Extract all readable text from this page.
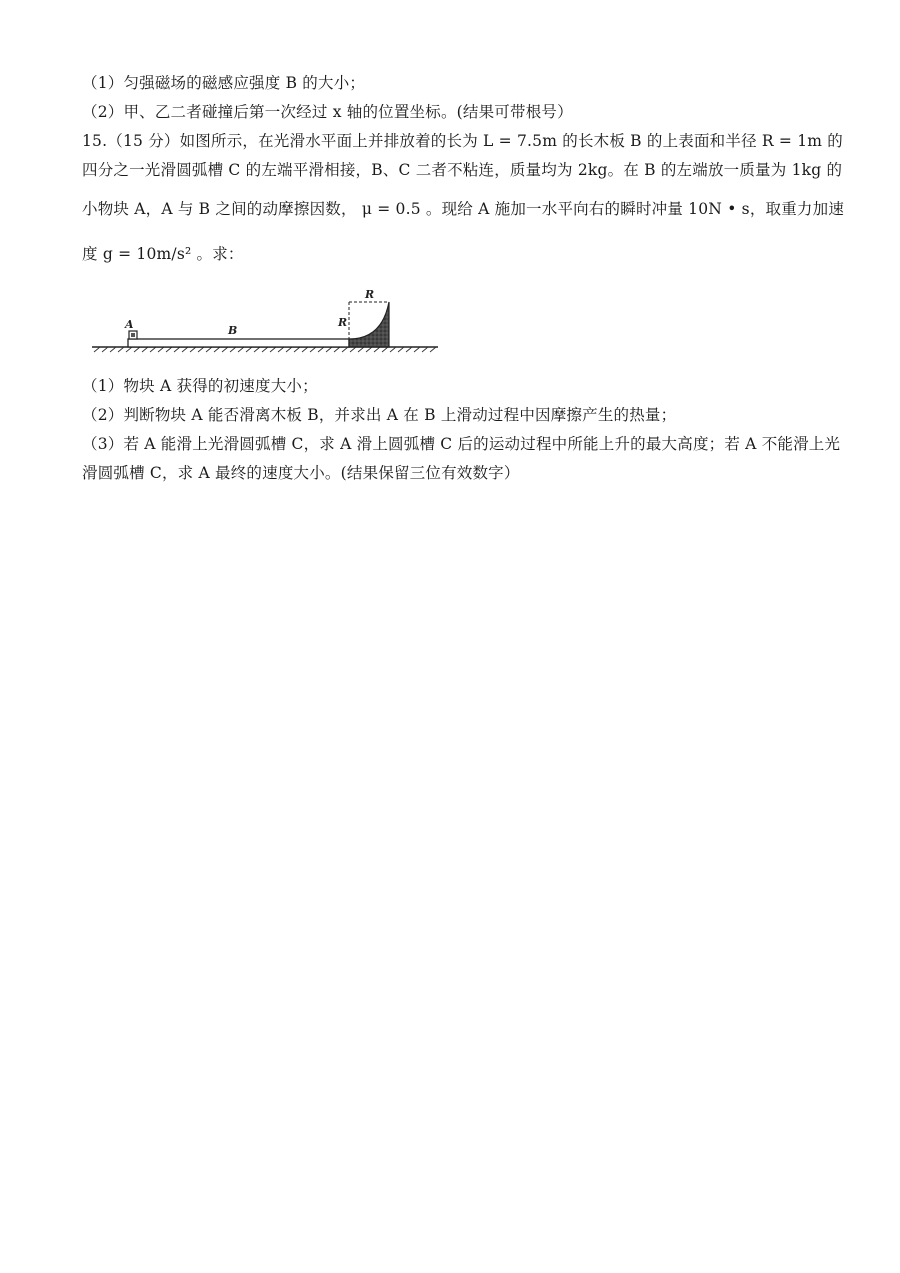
（1）匀强磁场的磁感应强度 B 的大小；
（2）甲、乙二者碰撞后第一次经过 x 轴的位置坐标。(结果可带根号）
15.（15 分）如图所示，在光滑水平面上并排放着的长为 L = 7.5m 的长木板 B 的上表面和半径 R = 1m 的
四分之一光滑圆弧槽 C 的左端平滑相接，B、C 二者不粘连，质量均为 2kg。在 B 的左端放一质量为 1kg 的
小物块 A，A 与 B 之间的动摩擦因数， μ = 0.5 。现给 A 施加一水平向右的瞬时冲量 10N • s，取重力加速
度 g = 10m/s² 。求：
A	B
R
R
（1）物块 A 获得的初速度大小；
（2）判断物块 A 能否滑离木板 B，并求出 A 在 B 上滑动过程中因摩擦产生的热量；
（3）若 A 能滑上光滑圆弧槽 C，求 A 滑上圆弧槽 C 后的运动过程中所能上升的最大高度；若 A 不能滑上光
滑圆弧槽 C，求 A 最终的速度大小。(结果保留三位有效数字）
